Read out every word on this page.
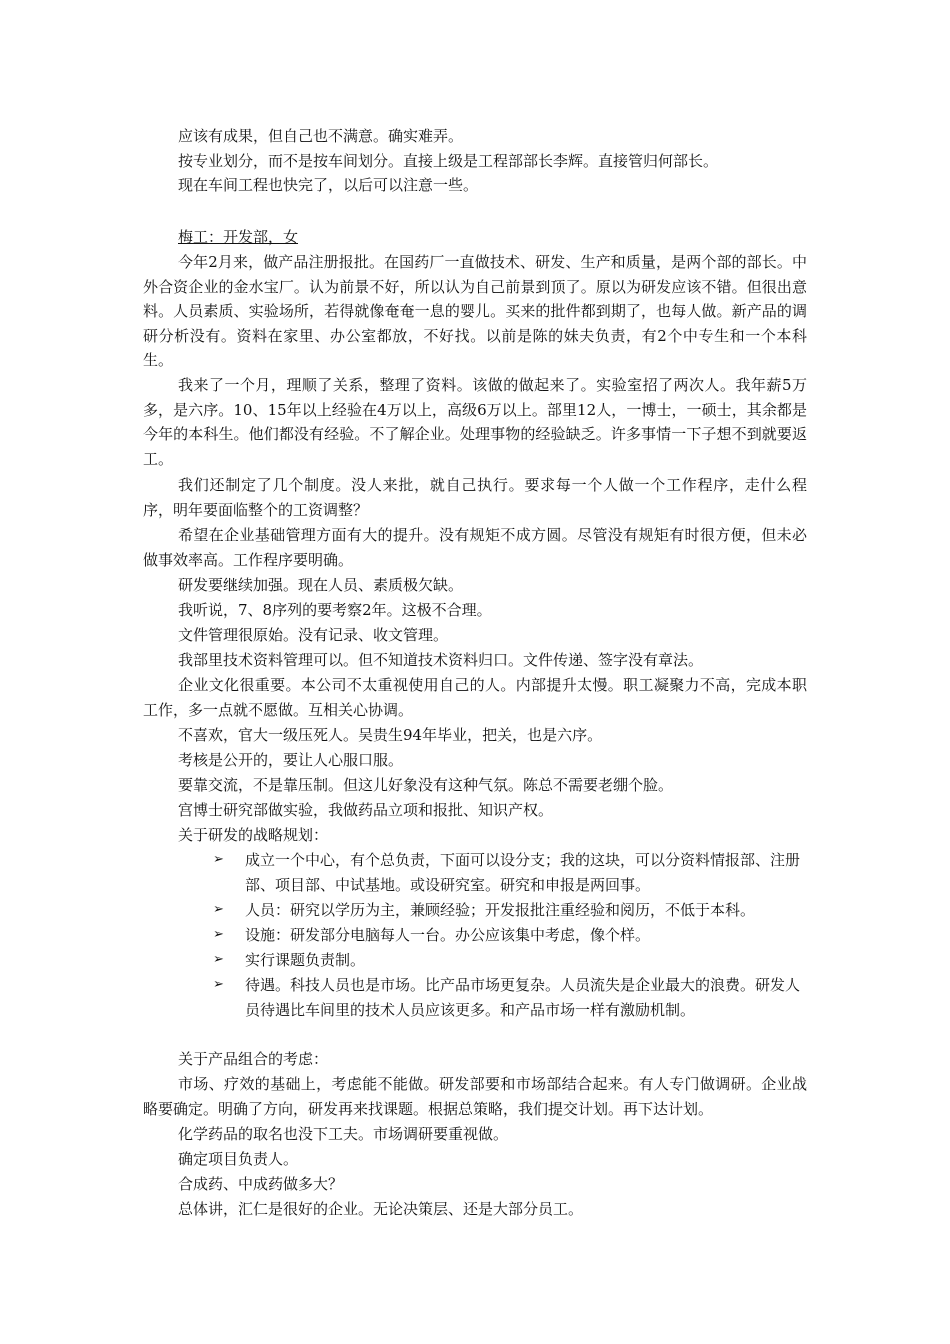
应该有成果，但自己也不满意。确实难弄。

按专业划分，而不是按车间划分。直接上级是工程部部长李辉。直接管归何部长。

现在车间工程也快完了，以后可以注意一些。

梅工：开发部，女

今年2月来，做产品注册报批。在国药厂一直做技术、研发、生产和质量，是两个部的部长。中外合资企业的金水宝厂。认为前景不好，所以认为自己前景到顶了。原以为研发应该不错。但很出意料。人员素质、实验场所，若得就像奄奄一息的婴儿。买来的批件都到期了，也每人做。新产品的调研分析没有。资料在家里、办公室都放，不好找。以前是陈的妹夫负责，有2个中专生和一个本科生。

我来了一个月，理顺了关系，整理了资料。该做的做起来了。实验室招了两次人。我年薪5万多，是六序。10、15年以上经验在4万以上，高级6万以上。部里12人，一博士，一硕士，其余都是今年的本科生。他们都没有经验。不了解企业。处理事物的经验缺乏。许多事情一下子想不到就要返工。

我们还制定了几个制度。没人来批，就自己执行。要求每一个人做一个工作程序，走什么程序，明年要面临整个的工资调整？

希望在企业基础管理方面有大的提升。没有规矩不成方圆。尽管没有规矩有时很方便，但未必做事效率高。工作程序要明确。

研发要继续加强。现在人员、素质极欠缺。

我听说，7、8序列的要考察2年。这极不合理。

文件管理很原始。没有记录、收文管理。

我部里技术资料管理可以。但不知道技术资料归口。文件传递、签字没有章法。

企业文化很重要。本公司不太重视使用自己的人。内部提升太慢。职工凝聚力不高，完成本职工作，多一点就不愿做。互相关心协调。

不喜欢，官大一级压死人。吴贵生94年毕业，把关，也是六序。

考核是公开的，要让人心服口服。

要靠交流，不是靠压制。但这儿好象没有这种气氛。陈总不需要老绷个脸。

宫博士研究部做实验，我做药品立项和报批、知识产权。

关于研发的战略规划：

➢	成立一个中心，有个总负责，下面可以设分支；我的这块，可以分资料情报部、注册部、项目部、中试基地。或设研究室。研究和申报是两回事。
➢	人员：研究以学历为主，兼顾经验；开发报批注重经验和阅历，不低于本科。
➢	设施：研发部分电脑每人一台。办公应该集中考虑，像个样。
➢	实行课题负责制。
➢	待遇。科技人员也是市场。比产品市场更复杂。人员流失是企业最大的浪费。研发人员待遇比车间里的技术人员应该更多。和产品市场一样有激励机制。

关于产品组合的考虑：

市场、疗效的基础上，考虑能不能做。研发部要和市场部结合起来。有人专门做调研。企业战略要确定。明确了方向，研发再来找课题。根据总策略，我们提交计划。再下达计划。

化学药品的取名也没下工夫。市场调研要重视做。

确定项目负责人。

合成药、中成药做多大？

总体讲，汇仁是很好的企业。无论决策层、还是大部分员工。
